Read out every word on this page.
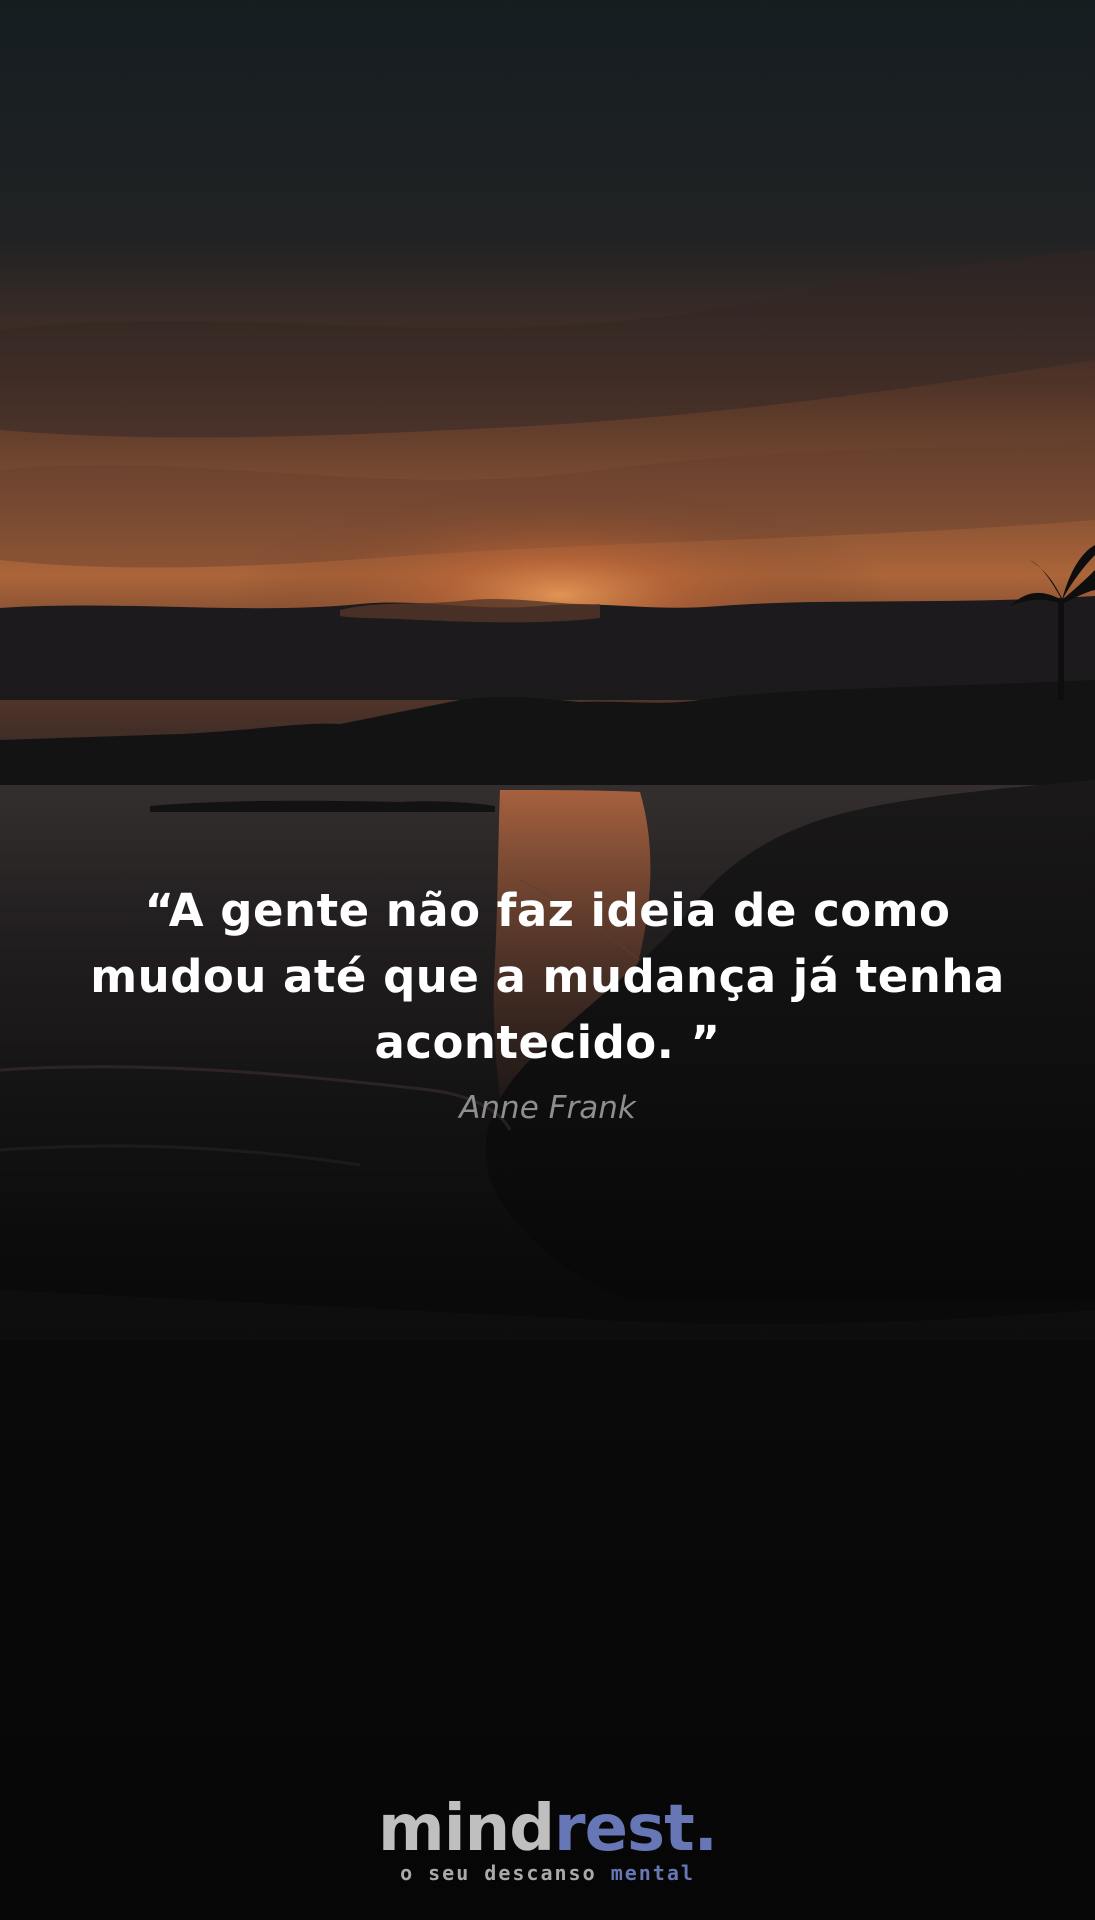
“A gente não faz ideia de como mudou até que a mudança já tenha acontecido. ”

Anne Frank
mindrest.
o seu descanso mental
